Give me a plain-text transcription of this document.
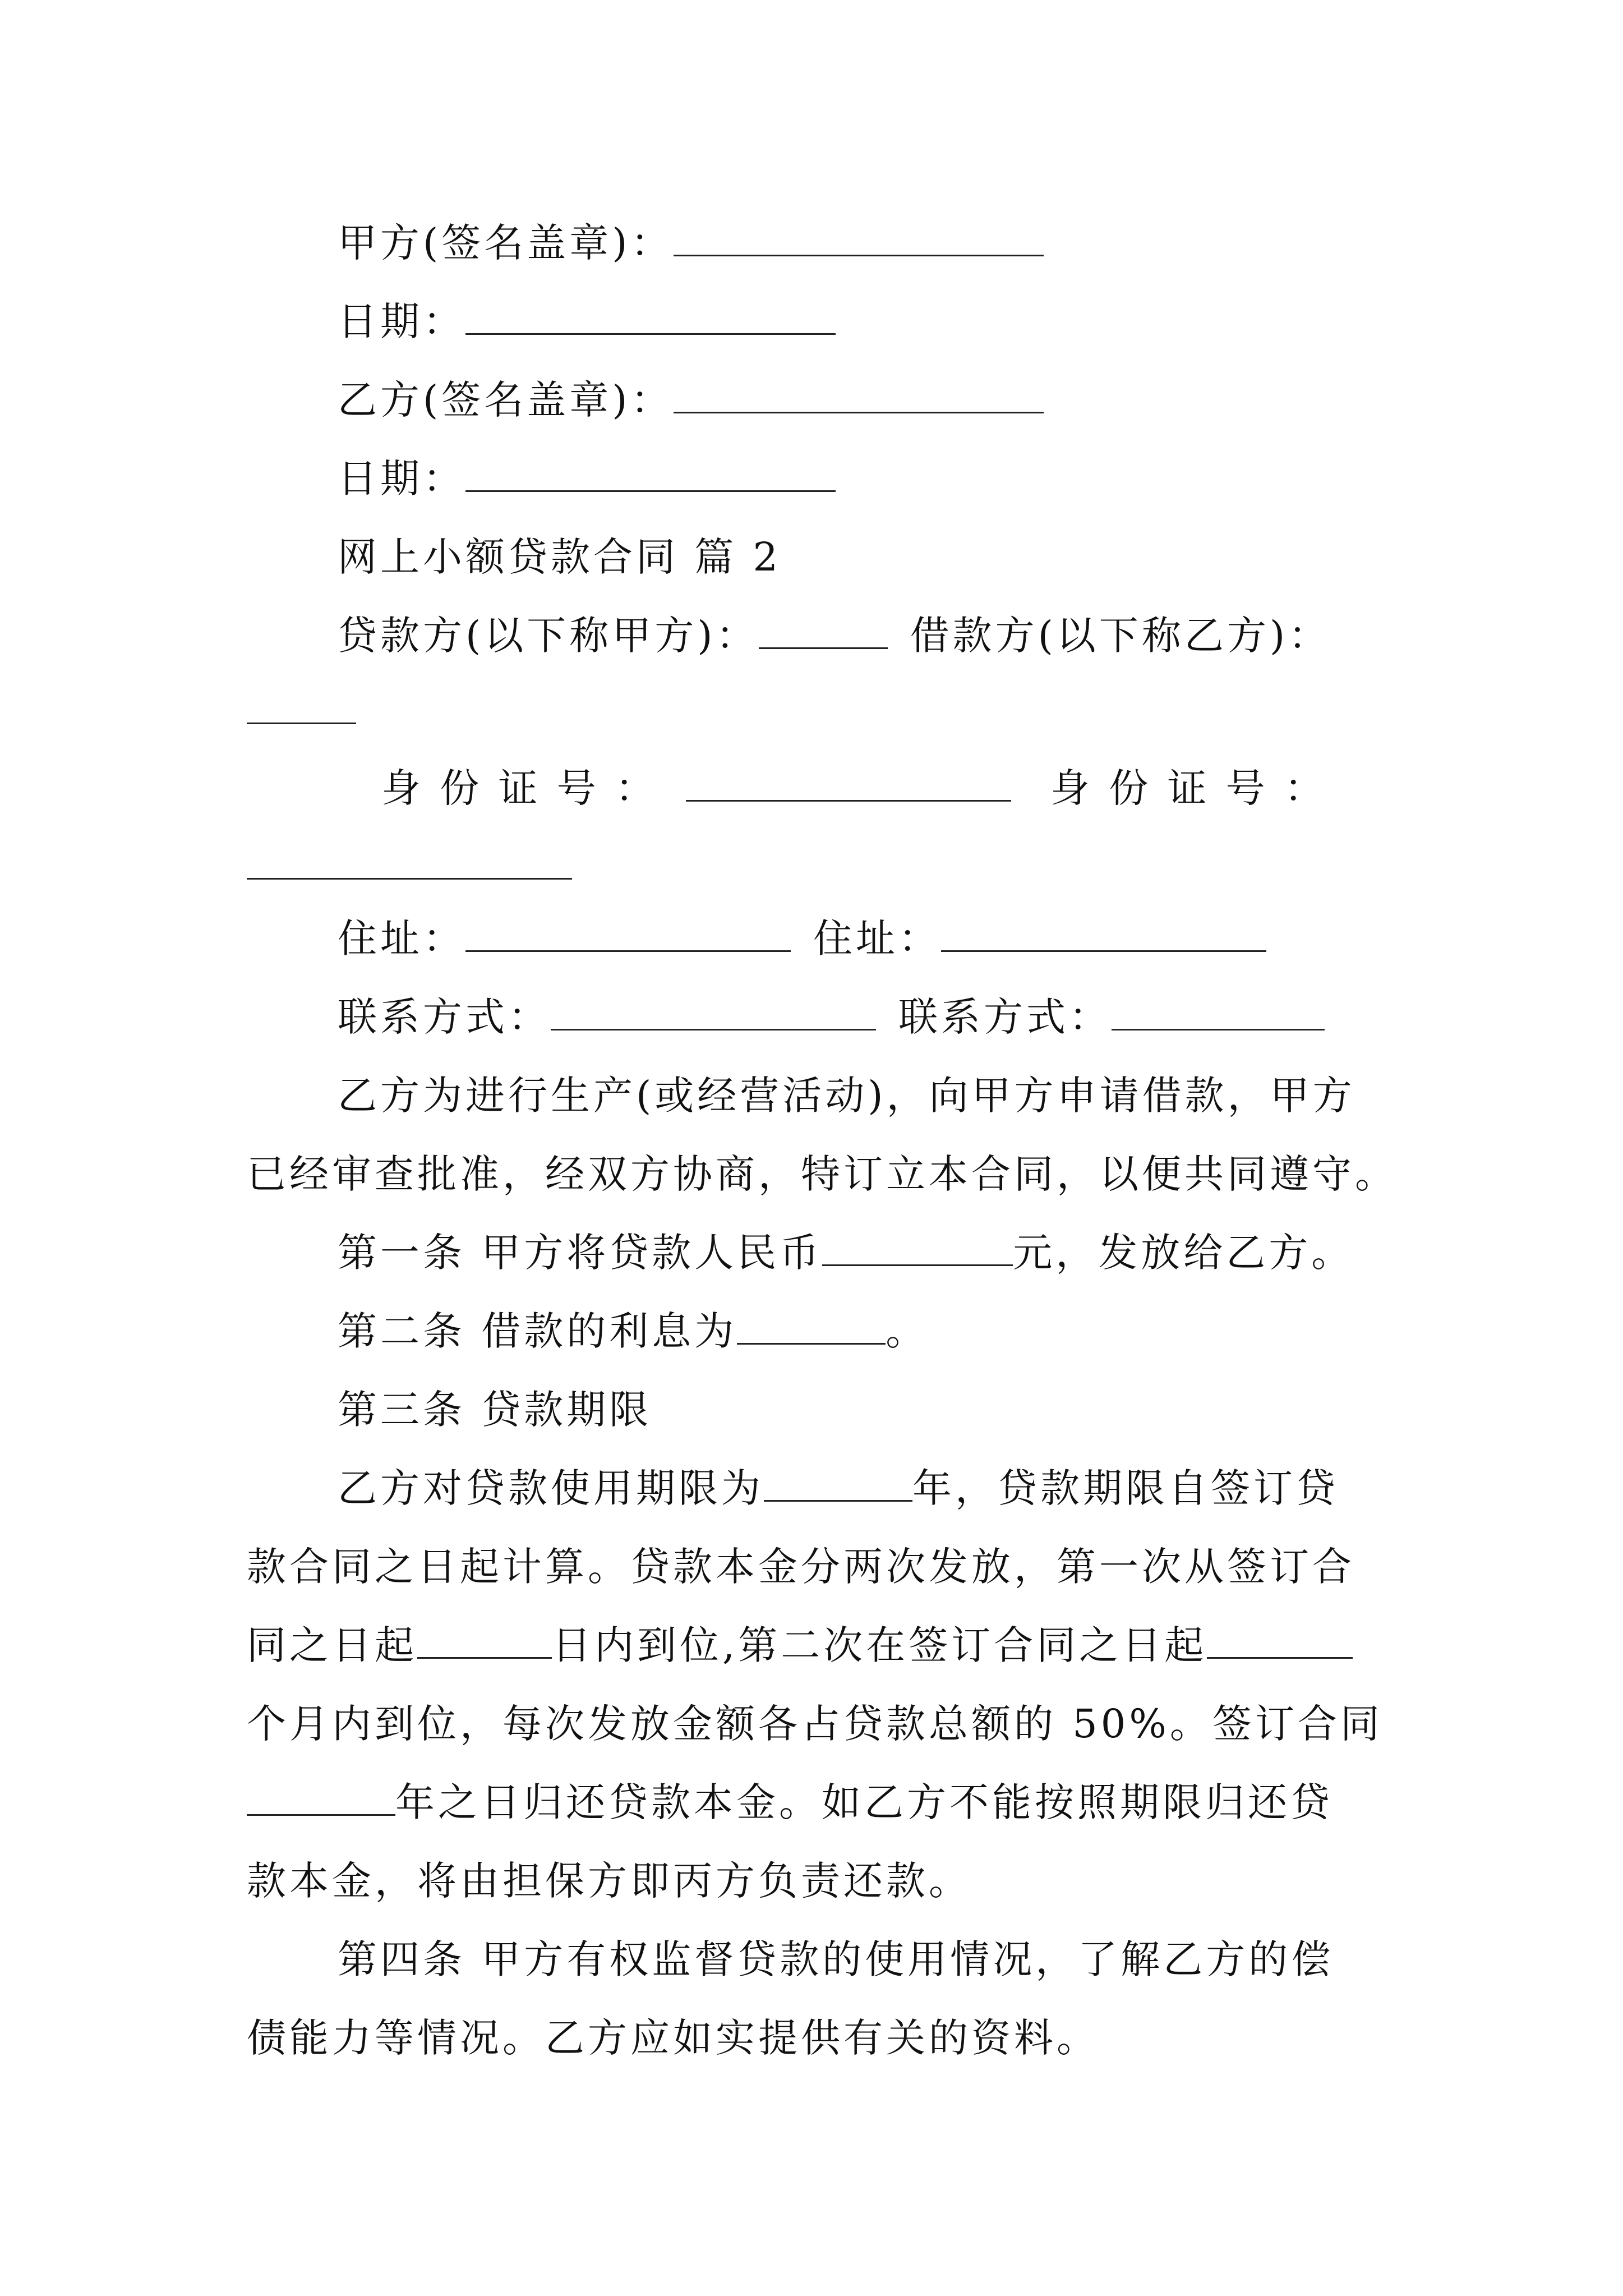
甲方(签名盖章)：
日期：
乙方(签名盖章)：
日期：
网上小额贷款合同 篇 2
贷款方(以下称甲方)：	借款方(以下称乙方)：
身 份 证 号 ：	身 份 证 号 ：
住址：	住址：
联系方式：	联系方式：
乙方为进行生产(或经营活动)，向甲方申请借款，甲方
已经审查批准，经双方协商，特订立本合同，以便共同遵守。
第一条 甲方将贷款人民币	元，发放给乙方。
第二条 借款的利息为	。
第三条 贷款期限
乙方对贷款使用期限为	年，贷款期限自签订贷
款合同之日起计算。贷款本金分两次发放，第一次从签订合
同之日起	日内到位,第二次在签订合同之日起
个月内到位，每次发放金额各占贷款总额的 50%。签订合同
年之日归还贷款本金。如乙方不能按照期限归还贷
款本金，将由担保方即丙方负责还款。
第四条 甲方有权监督贷款的使用情况，了解乙方的偿
债能力等情况。乙方应如实提供有关的资料。
